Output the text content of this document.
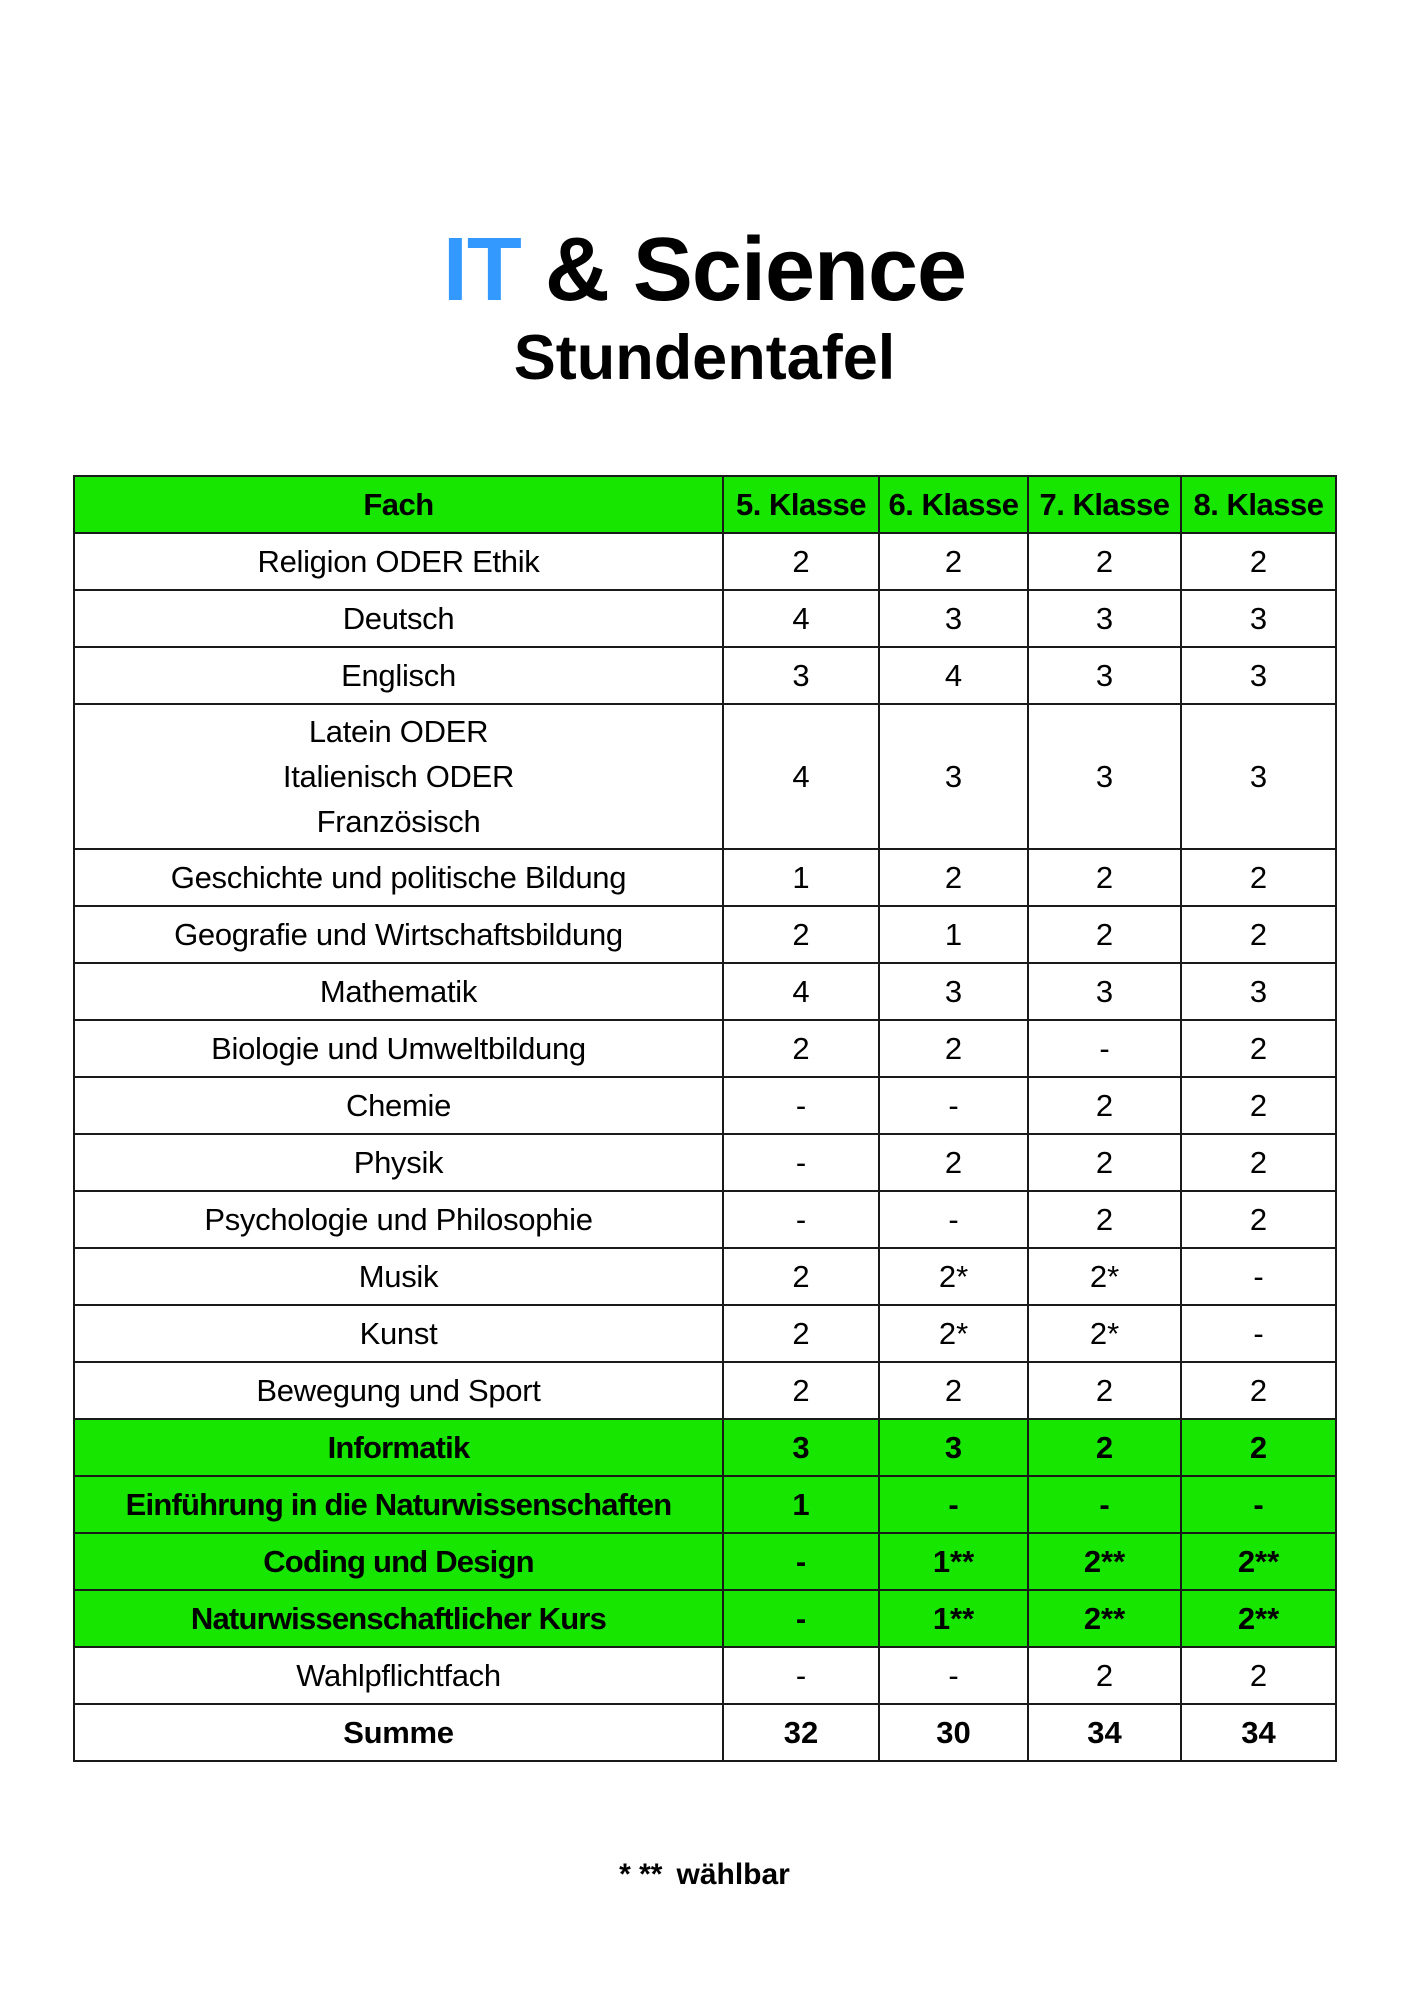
IT & Science
Stundentafel
Fach	5. Klasse	6. Klasse	7. Klasse	8. Klasse
Religion ODER Ethik	2	2	2	2
Deutsch	4	3	3	3
Englisch	3	4	3	3

Latein ODER
Italienisch ODER
Französisch	4	3	3	3
Geschichte und politische Bildung	1	2	2	2
Geografie und Wirtschaftsbildung	2	1	2	2
Mathematik	4	3	3	3
Biologie und Umweltbildung	2	2	-	2
Chemie	-	-	2	2
Physik	-	2	2	2
Psychologie und Philosophie	-	-	2	2
Musik	2	2*	2*	-
Kunst	2	2*	2*	-
Bewegung und Sport	2	2	2	2
Informatik	3	3	2	2
Einführung in die Naturwissenschaften	1	-	-	-
Coding und Design	-	1**	2**	2**
Naturwissenschaftlicher Kurs	-	1**	2**	2**
Wahlpflichtfach	-	-	2	2
Summe	32	30	34	34
* ** wählbar
